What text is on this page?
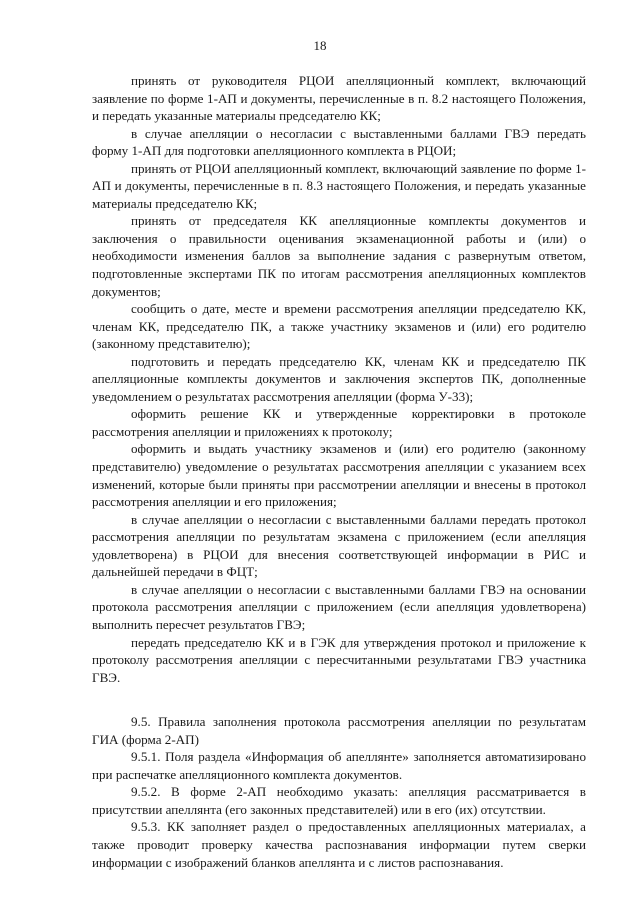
18

принять от руководителя РЦОИ апелляционный комплект, включающий заявление по форме 1-АП и документы, перечисленные в п. 8.2 настоящего Положения, и передать указанные материалы председателю КК;

в случае апелляции о несогласии с выставленными баллами ГВЭ передать форму 1-АП для подготовки апелляционного комплекта в РЦОИ;

принять от РЦОИ апелляционный комплект, включающий заявление по форме 1-АП и документы, перечисленные в п. 8.3 настоящего Положения, и передать указанные материалы председателю КК;

принять от председателя КК апелляционные комплекты документов и заключения о правильности оценивания экзаменационной работы и (или) о необходимости изменения баллов за выполнение задания с развернутым ответом, подготовленные экспертами ПК по итогам рассмотрения апелляционных комплектов документов;

сообщить о дате, месте и времени рассмотрения апелляции председателю КК, членам КК, председателю ПК, а также участнику экзаменов и (или) его родителю (законному представителю);

подготовить и передать председателю КК, членам КК и председателю ПК апелляционные комплекты документов и заключения экспертов ПК, дополненные уведомлением о результатах рассмотрения апелляции (форма У-33);

оформить решение КК и утвержденные корректировки в протоколе рассмотрения апелляции и приложениях к протоколу;

оформить и выдать участнику экзаменов и (или) его родителю (законному представителю) уведомление о результатах рассмотрения апелляции с указанием всех изменений, которые были приняты при рассмотрении апелляции и внесены в протокол рассмотрения апелляции и его приложения;

в случае апелляции о несогласии с выставленными баллами передать протокол рассмотрения апелляции по результатам экзамена с приложением (если апелляция удовлетворена) в РЦОИ для внесения соответствующей информации в РИС и дальнейшей передачи в ФЦТ;

в случае апелляции о несогласии с выставленными баллами ГВЭ на основании протокола рассмотрения апелляции с приложением (если апелляция удовлетворена) выполнить пересчет результатов ГВЭ;

передать председателю КК и в ГЭК для утверждения протокол и приложение к протоколу рассмотрения апелляции с пересчитанными результатами ГВЭ участника ГВЭ.

9.5. Правила заполнения протокола рассмотрения апелляции по результатам ГИА (форма 2-АП)

9.5.1. Поля раздела «Информация об апеллянте» заполняется автоматизировано при распечатке апелляционного комплекта документов.

9.5.2. В форме 2-АП необходимо указать: апелляция рассматривается в присутствии апеллянта (его законных представителей) или в его (их) отсутствии.

9.5.3. КК заполняет раздел о предоставленных апелляционных материалах, а также проводит проверку качества распознавания информации путем сверки информации с изображений бланков апеллянта и с листов распознавания.
